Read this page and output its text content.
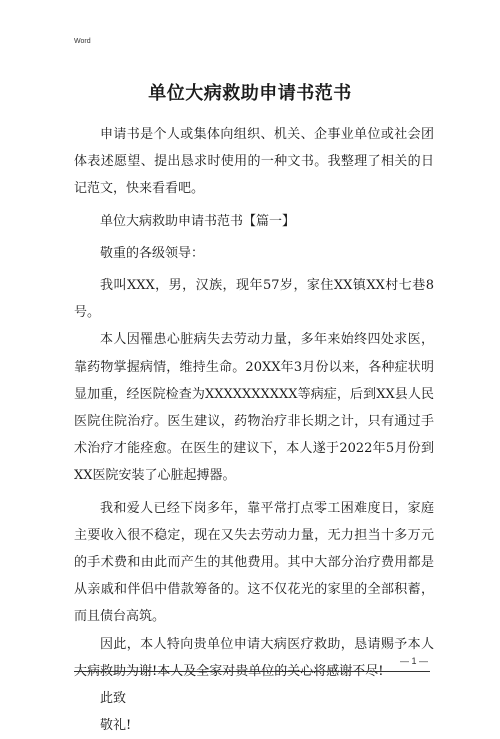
Word
单位大病救助申请书范书

申请书是个人或集体向组织、机关、企事业单位或社会团体表述愿望、提出恳求时使用的一种文书。我整理了相关的日记范文，快来看看吧。

单位大病救助申请书范书【篇一】

敬重的各级领导：

我叫XXX，男，汉族，现年57岁，家住XX镇XX村七巷8号。

本人因罹患心脏病失去劳动力量，多年来始终四处求医，靠药物掌握病情，维持生命。20XX年3月份以来，各种症状明显加重，经医院检查为XXXXXXXXXX等病症，后到XX县人民医院住院治疗。医生建议，药物治疗非长期之计，只有通过手术治疗才能痊愈。在医生的建议下，本人遂于2022年5月份到XX医院安装了心脏起搏器。

我和爱人已经下岗多年，靠平常打点零工困难度日，家庭主要收入很不稳定，现在又失去劳动力量，无力担当十多万元的手术费和由此而产生的其他费用。其中大部分治疗费用都是从亲戚和伴侣中借款筹备的。这不仅花光的家里的全部积蓄，而且债台高筑。

因此，本人特向贵单位申请大病医疗救助，恳请赐予本人大病救助为谢!本人及全家对贵单位的关心将感谢不尽!

此致

敬礼!

— 1 —
